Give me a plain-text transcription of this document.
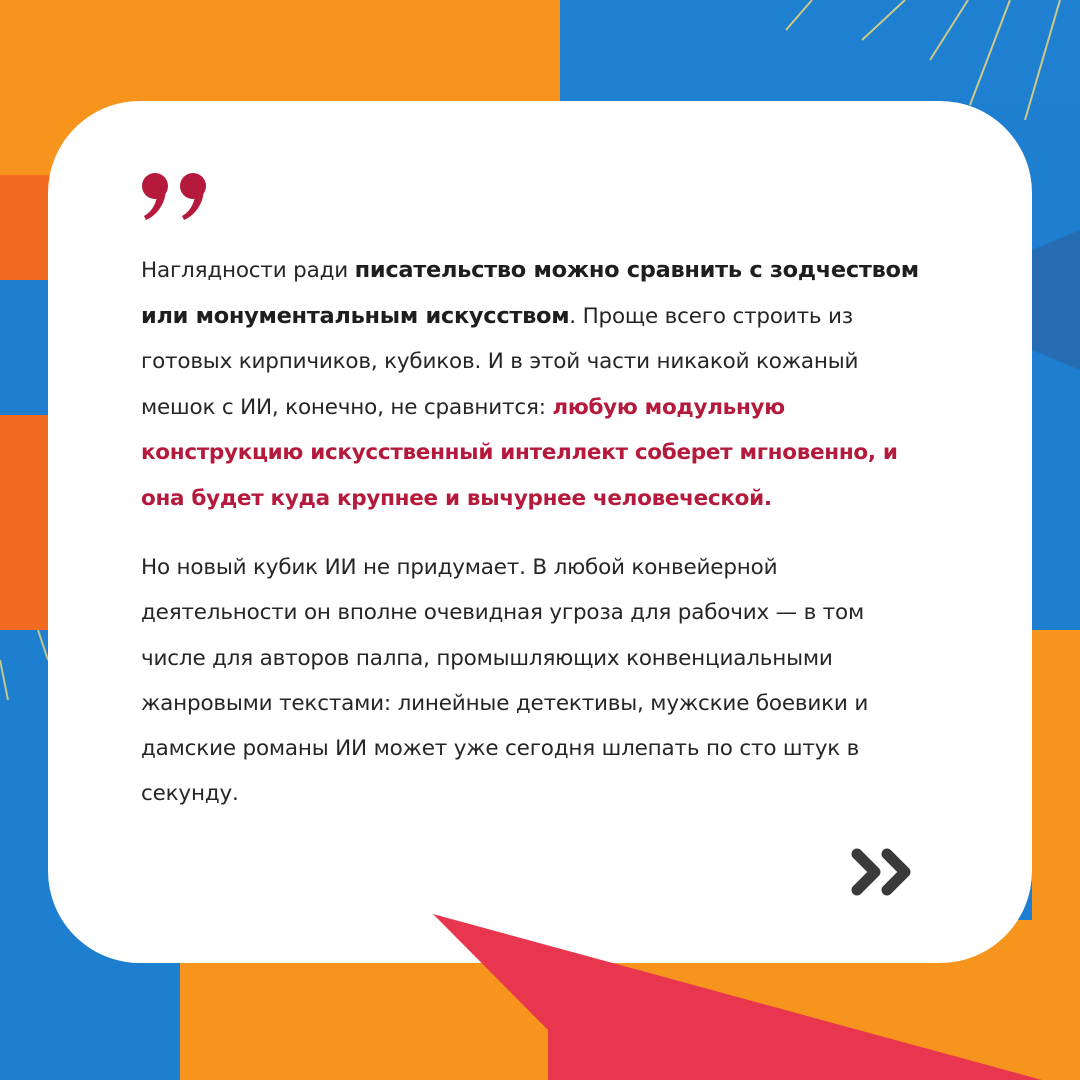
Наглядности ради писательство можно сравнить с зодчеством или монументальным искусством. Проще всего строить из готовых кирпичиков, кубиков. И в этой части никакой кожаный мешок с ИИ, конечно, не сравнится: любую модульную конструкцию искусственный интеллект соберет мгновенно, и она будет куда крупнее и вычурнее человеческой.

Но новый кубик ИИ не придумает. В любой конвейерной деятельности он вполне очевидная угроза для рабочих — в том числе для авторов палпа, промышляющих конвенциальными жанровыми текстами: линейные детективы, мужские боевики и дамские романы ИИ может уже сегодня шлепать по сто штук в секунду.
